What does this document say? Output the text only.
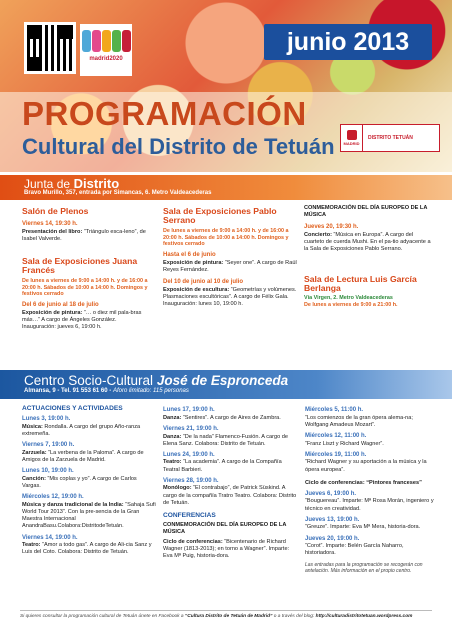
madrid2020
junio 2013
PROGRAMACIÓN
Cultural del Distrito de Tetuán MADRID
DISTRITO TETUÁN
Junta de Distrito
Bravo Murillo, 357, entrada por Simancas, 6. Metro Valdeacederas
Salón de Plenos
Viernes 14, 19:30 h.
Presentación del libro: “Triángulo esca-leno”, de Isabel Valverde.
Sala de Exposiciones Juana Francés
De lunes a viernes de 9:00 a 14:00 h. y de 16:00 a 20:00 h. Sábados de 10:00 a 14:00 h. Domingos y festivos cerrado
Del 6 de junio al 18 de julio
Exposición de pintura: “… o diez mil pala-bras más…” A cargo de Ángeles González.
Inauguración: jueves 6, 19:00 h.
Sala de Exposiciones Pablo Serrano
De lunes a viernes de 9:00 a 14:00 h. y de 16:00 a 20:00 h. Sábados de 10:00 a 14:00 h. Domingos y festivos cerrado
Hasta el 6 de junio
Exposición de pintura: “Seyer one”. A cargo de Raúl Reyes Fernández.
Del 10 de junio al 10 de julio
Exposición de escultura: “Geometrías y volúmenes. Plasmaciones escultóricas”. A cargo de Félix Gala.
Inauguración: lunes 10, 19:00 h.
CONMEMORACIÓN DEL DÍA EUROPEO DE LA MÚSICA
Jueves 20, 19:30 h.
Concierto: “Música en Europa”. A cargo del cuarteto de cuerda Mushi. En el pa-tio adyacente a la Sala de Exposiciones Pablo Serrano.
Sala de Lectura Luis García Berlanga
Vía Virgen, 2. Metro Valdeacederas
De lunes a viernes de 9:00 a 21:00 h.
Centro Socio-Cultural José de Espronceda
Almansa, 9 - Tel. 91 553 61 60 - Aforo limitado: 115 personas
ACTUACIONES Y ACTIVIDADES
Lunes 3, 19:00 h.
Música: Rondalla. A cargo del grupo Año-ranza extremeña.
Viernes 7, 19:00 h.
Zarzuela: “La verbena de la Paloma”. A cargo de Amigos de la Zarzuela de Madrid.
Lunes 10, 19:00 h.
Canción: “Mis coplas y yo”. A cargo de Carlos Vargas.
Miércoles 12, 19:00 h.
Música y danza tradicional de la India: “Sahaja Sufi World Tour 2013”. Con la pre-sencia de la Gran Maestra Internacional AnandraBasu.Colabora:DistritodeTetuán.
Viernes 14, 19:00 h.
Teatro: “Amor a todo gas”. A cargo de Ali-cia Sanz y Luis del Coto. Colabora: Distrito de Tetuán.
Lunes 17, 19:00 h.
Danza: “Sentires”. A cargo de Aires de Zambra.
Viernes 21, 19:00 h.
Danza: “De la nada” Flamenco-Fusión. A cargo de Elena Sanz. Colabora: Distrito de Tetuán.
Lunes 24, 19:00 h.
Teatro: “La academia”. A cargo de la Compañía Teatral Barbieri.
Viernes 28, 19:00 h.
Monólogo: “El contrabajo”, de Patrick Süskind. A cargo de la compañía Tratro Teatro. Colabora: Distrito de Tetuán.
CONFERENCIAS
CONMEMORACIÓN DEL DÍA EUROPEO DE LA MÚSICA
Ciclo de conferencias: “Bicentenario de Richard Wagner (1813-2013); en torno a Wagner”. Imparte: Eva Mª Puig, historia-dora.
Miércoles 5, 11:00 h.
“Los comienzos de la gran ópera alema-na; Wolfgang Amadeus Mozart”.
Miércoles 12, 11:00 h.
“Franz Liszt y Richard Wagner”.
Miércoles 19, 11:00 h.
“Richard Wagner y su aportación a la música y la ópera europea”.
Ciclo de conferencias: “Pintores franceses”
Jueves 6, 19:00 h.
“Bouguereau”. Imparte: Mª Rosa Morán, ingeniero y técnico en creatividad.
Jueves 13, 19:00 h.
“Greuze”. Imparte: Eva Mª Mera, historia-dora.
Jueves 20, 19:00 h.
“Corot”. Imparte: Belén García Naharro, historiadora.
Las entradas para la programación se recogerán con antelación. Más información en el propio centro.
Si quieres consultar la programación cultural de Tetuán únete en Facebook a “Cultura Distrito de Tetuán de Madrid” o a través del blog: http://culturadistritotetuan.wordpress.com
